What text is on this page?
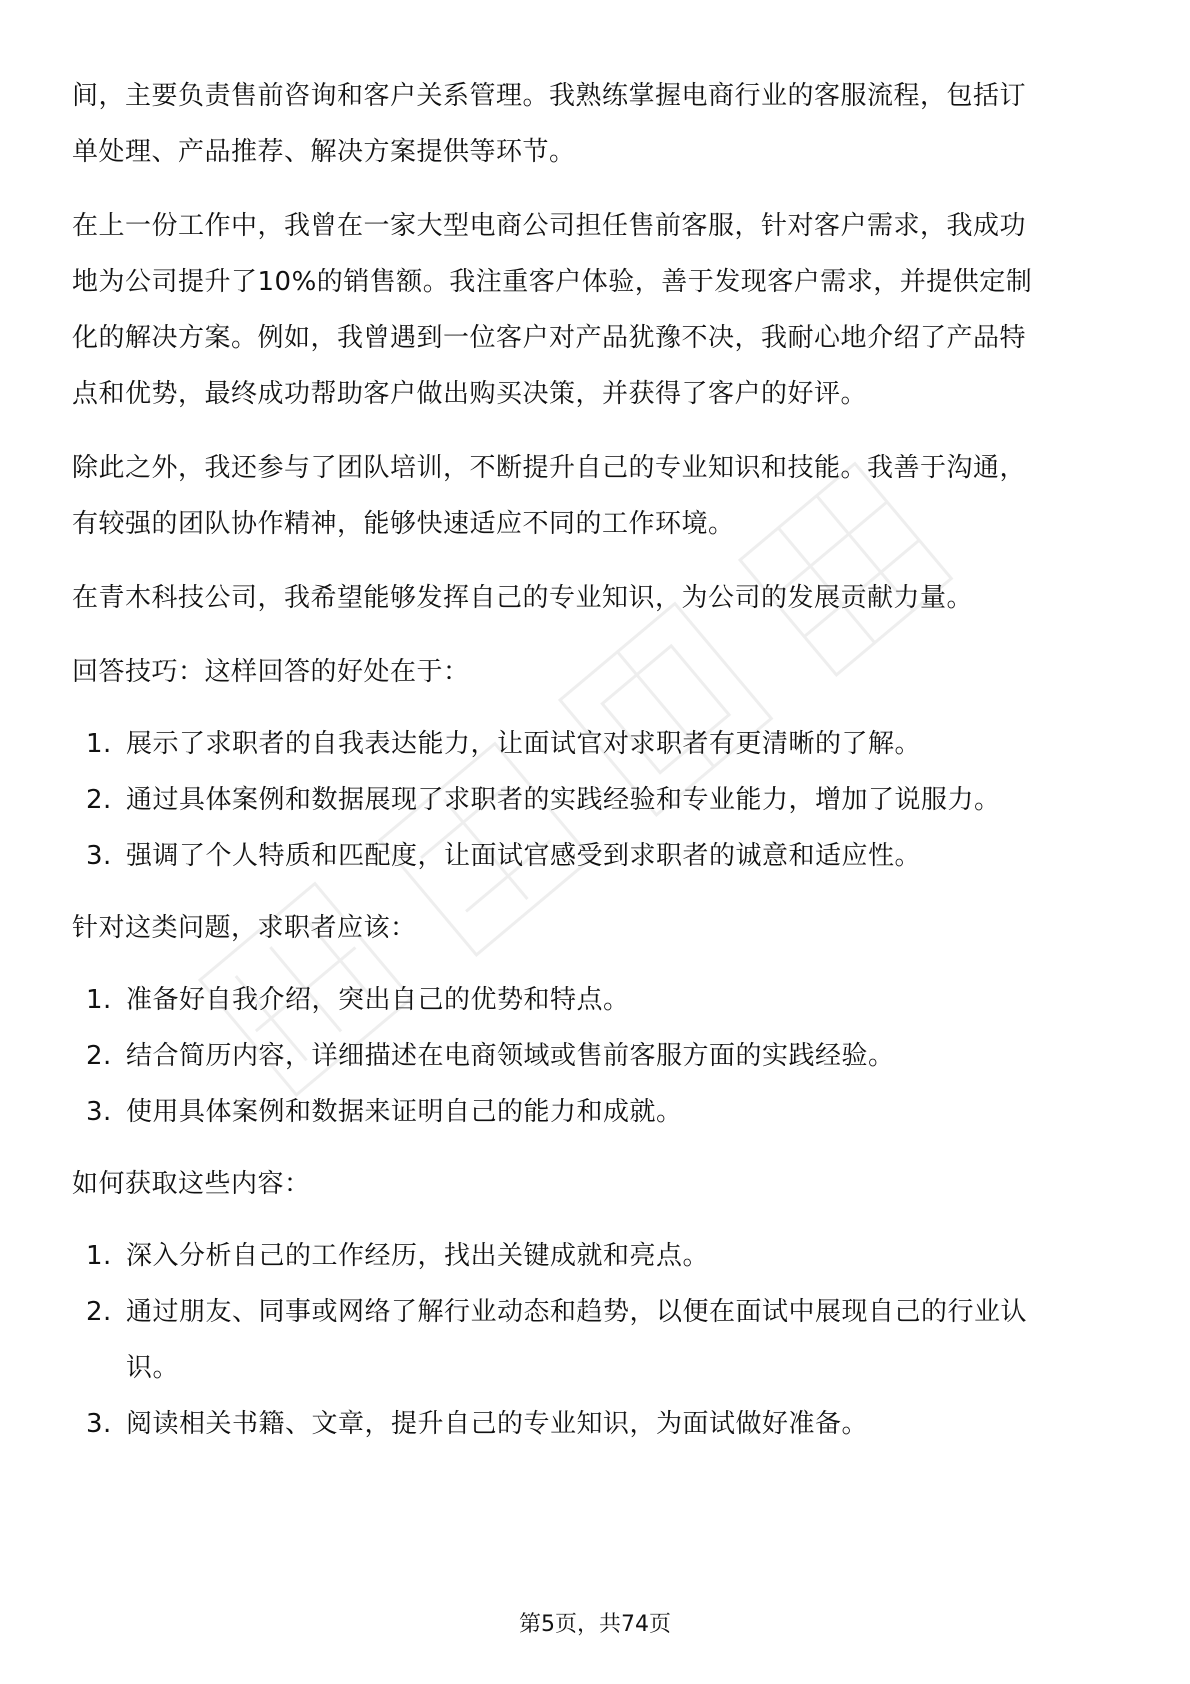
间，主要负责售前咨询和客户关系管理。我熟练掌握电商行业的客服流程，包括订
单处理、产品推荐、解决方案提供等环节。
在上一份工作中，我曾在一家大型电商公司担任售前客服，针对客户需求，我成功
地为公司提升了10%的销售额。我注重客户体验，善于发现客户需求，并提供定制
化的解决方案。例如，我曾遇到一位客户对产品犹豫不决，我耐心地介绍了产品特
点和优势，最终成功帮助客户做出购买决策，并获得了客户的好评。
除此之外，我还参与了团队培训，不断提升自己的专业知识和技能。我善于沟通，
有较强的团队协作精神，能够快速适应不同的工作环境。
在青木科技公司，我希望能够发挥自己的专业知识，为公司的发展贡献力量。
回答技巧：这样回答的好处在于：
1. 展示了求职者的自我表达能力，让面试官对求职者有更清晰的了解。
2. 通过具体案例和数据展现了求职者的实践经验和专业能力，增加了说服力。
3. 强调了个人特质和匹配度，让面试官感受到求职者的诚意和适应性。
针对这类问题，求职者应该：
1. 准备好自我介绍，突出自己的优势和特点。
2. 结合简历内容，详细描述在电商领域或售前客服方面的实践经验。
3. 使用具体案例和数据来证明自己的能力和成就。
如何获取这些内容：
1. 深入分析自己的工作经历，找出关键成就和亮点。
2. 通过朋友、同事或网络了解行业动态和趋势，以便在面试中展现自己的行业认
识。
3. 阅读相关书籍、文章，提升自己的专业知识，为面试做好准备。
第5页，共74页
